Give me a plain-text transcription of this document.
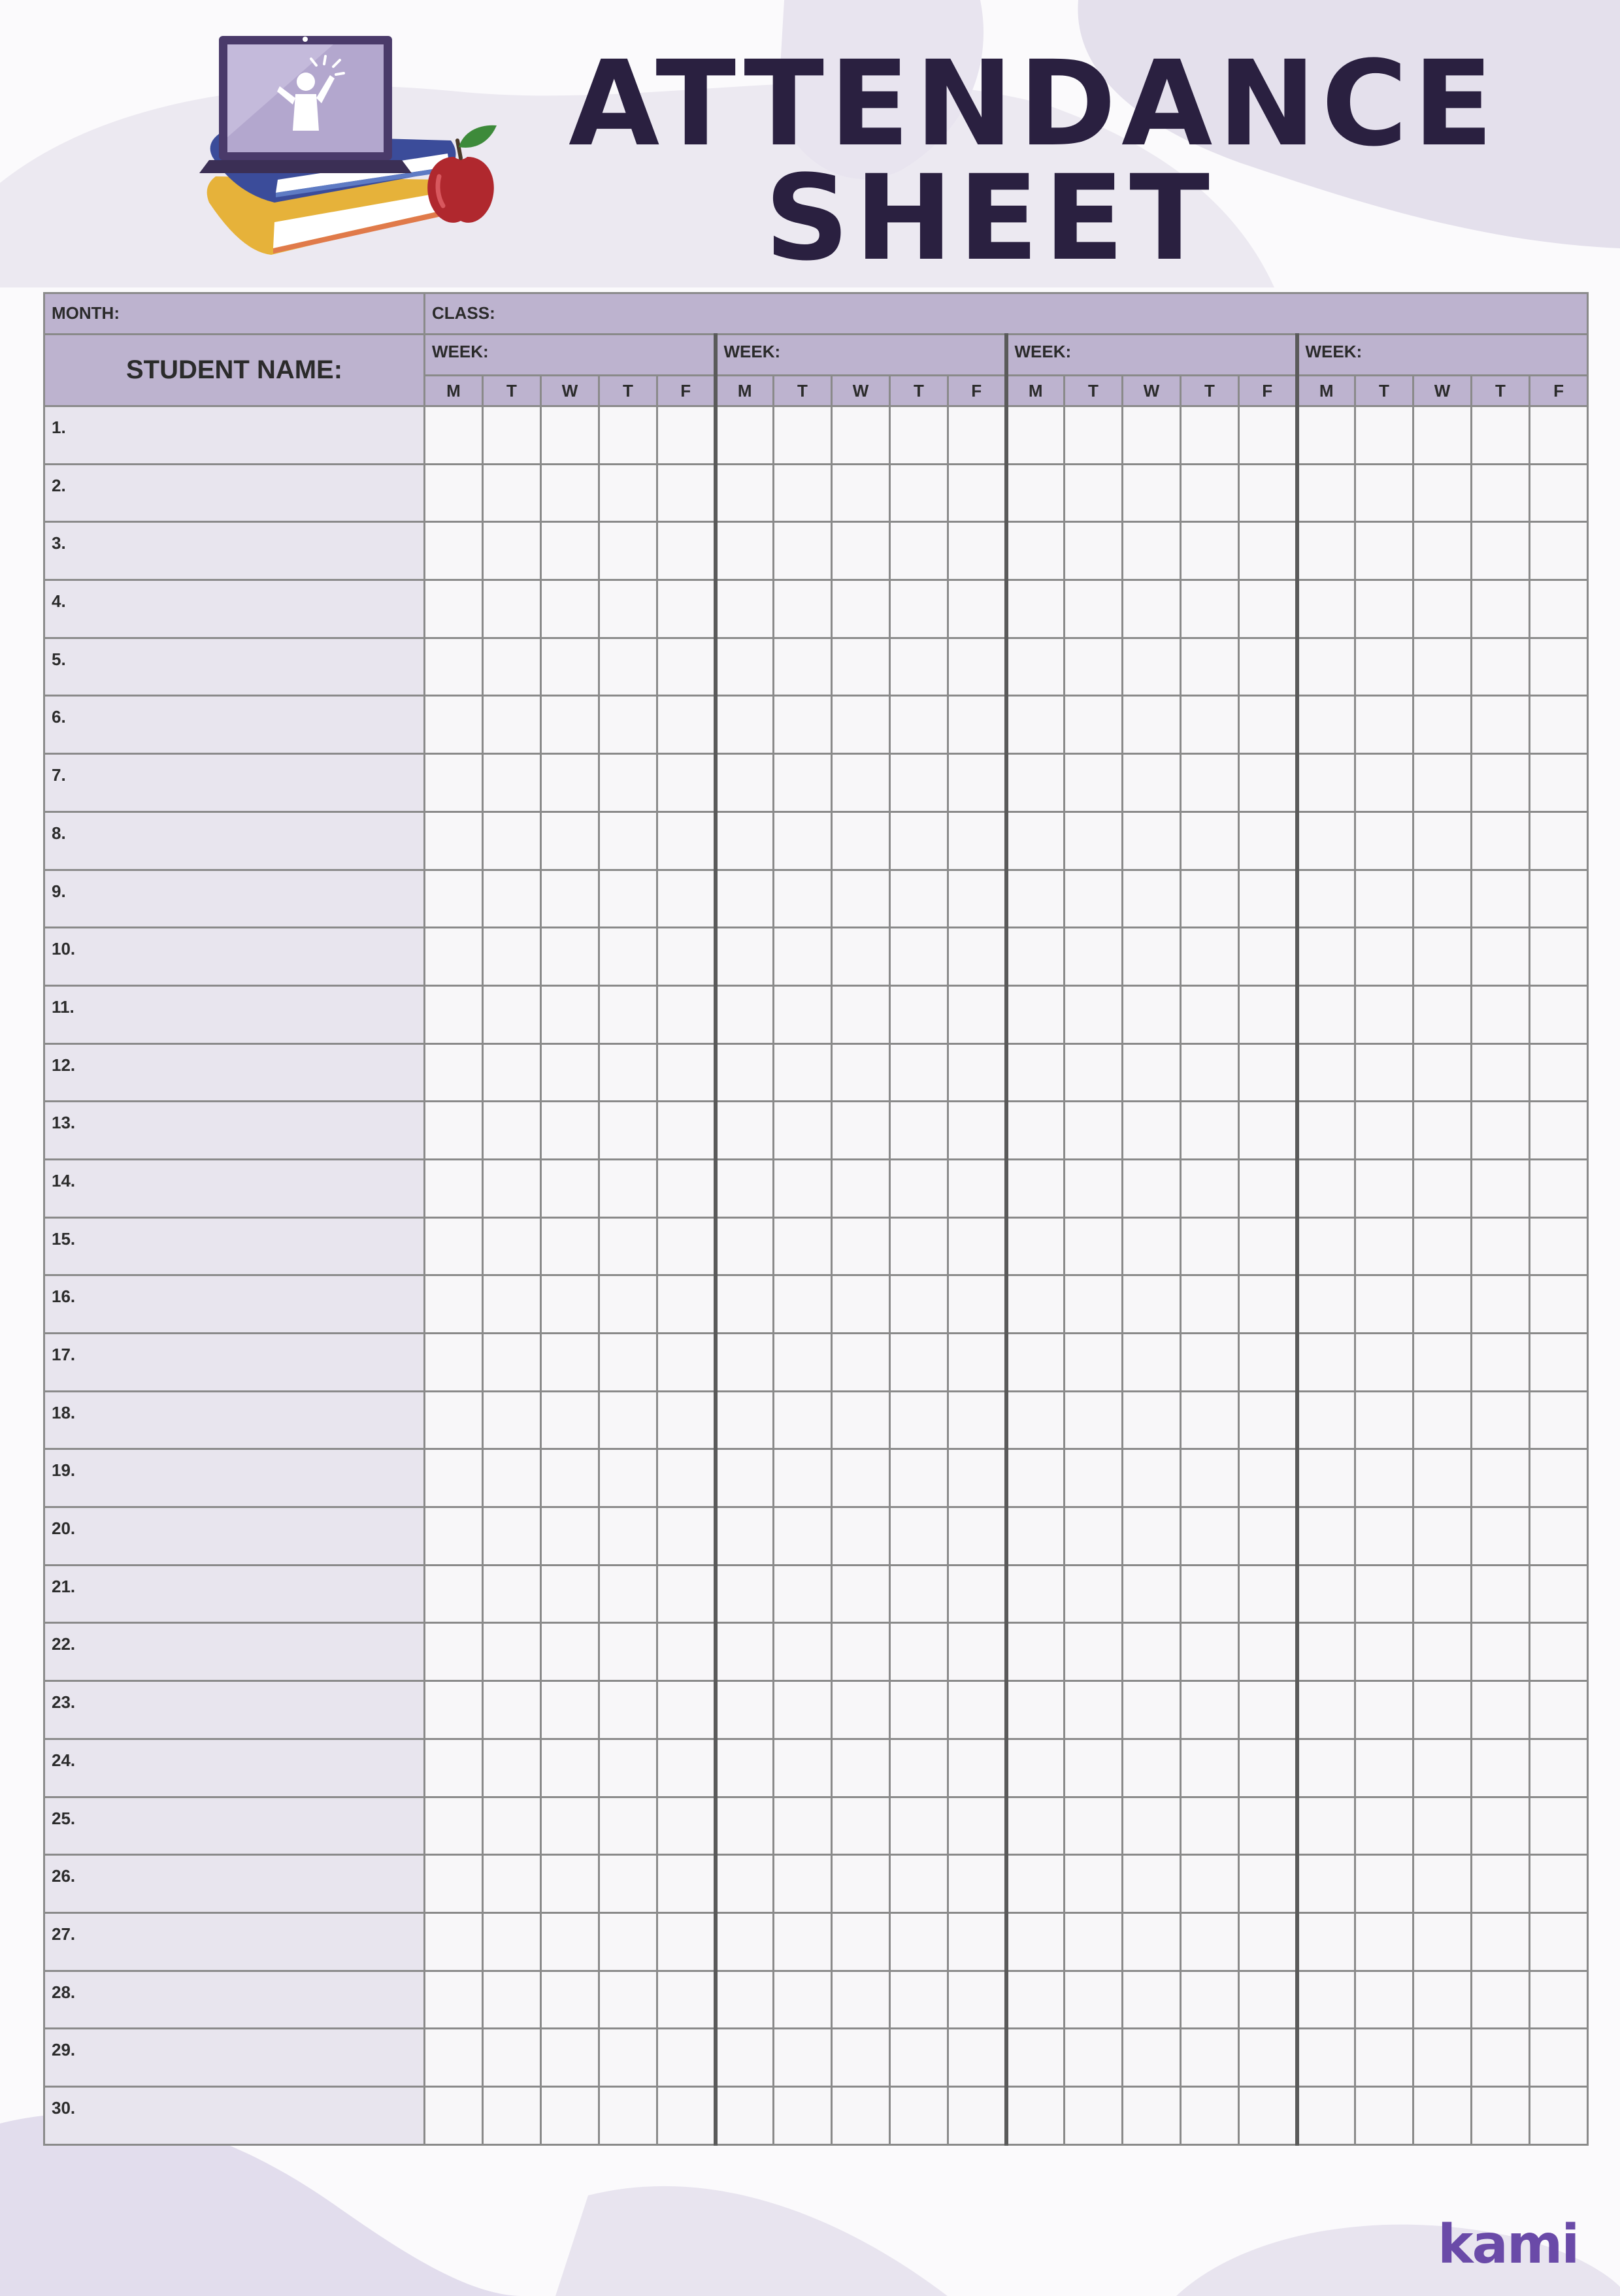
ATTENDANCE
SHEET
MONTH:	CLASS:																			
STUDENT NAME:	WEEK:					WEEK:					WEEK:					WEEK:				
	M	T	W	T	F	M	T	W	T	F	M	T	W	T	F	M	T	W	T	F
1.																				
2.																				
3.																				
4.																				
5.																				
6.																				
7.																				
8.																				
9.																				
10.																				
11.																				
12.																				
13.																				
14.																				
15.																				
16.																				
17.																				
18.																				
19.																				
20.																				
21.																				
22.																				
23.																				
24.																				
25.																				
26.																				
27.																				
28.																				
29.																				
30.																				
kami
